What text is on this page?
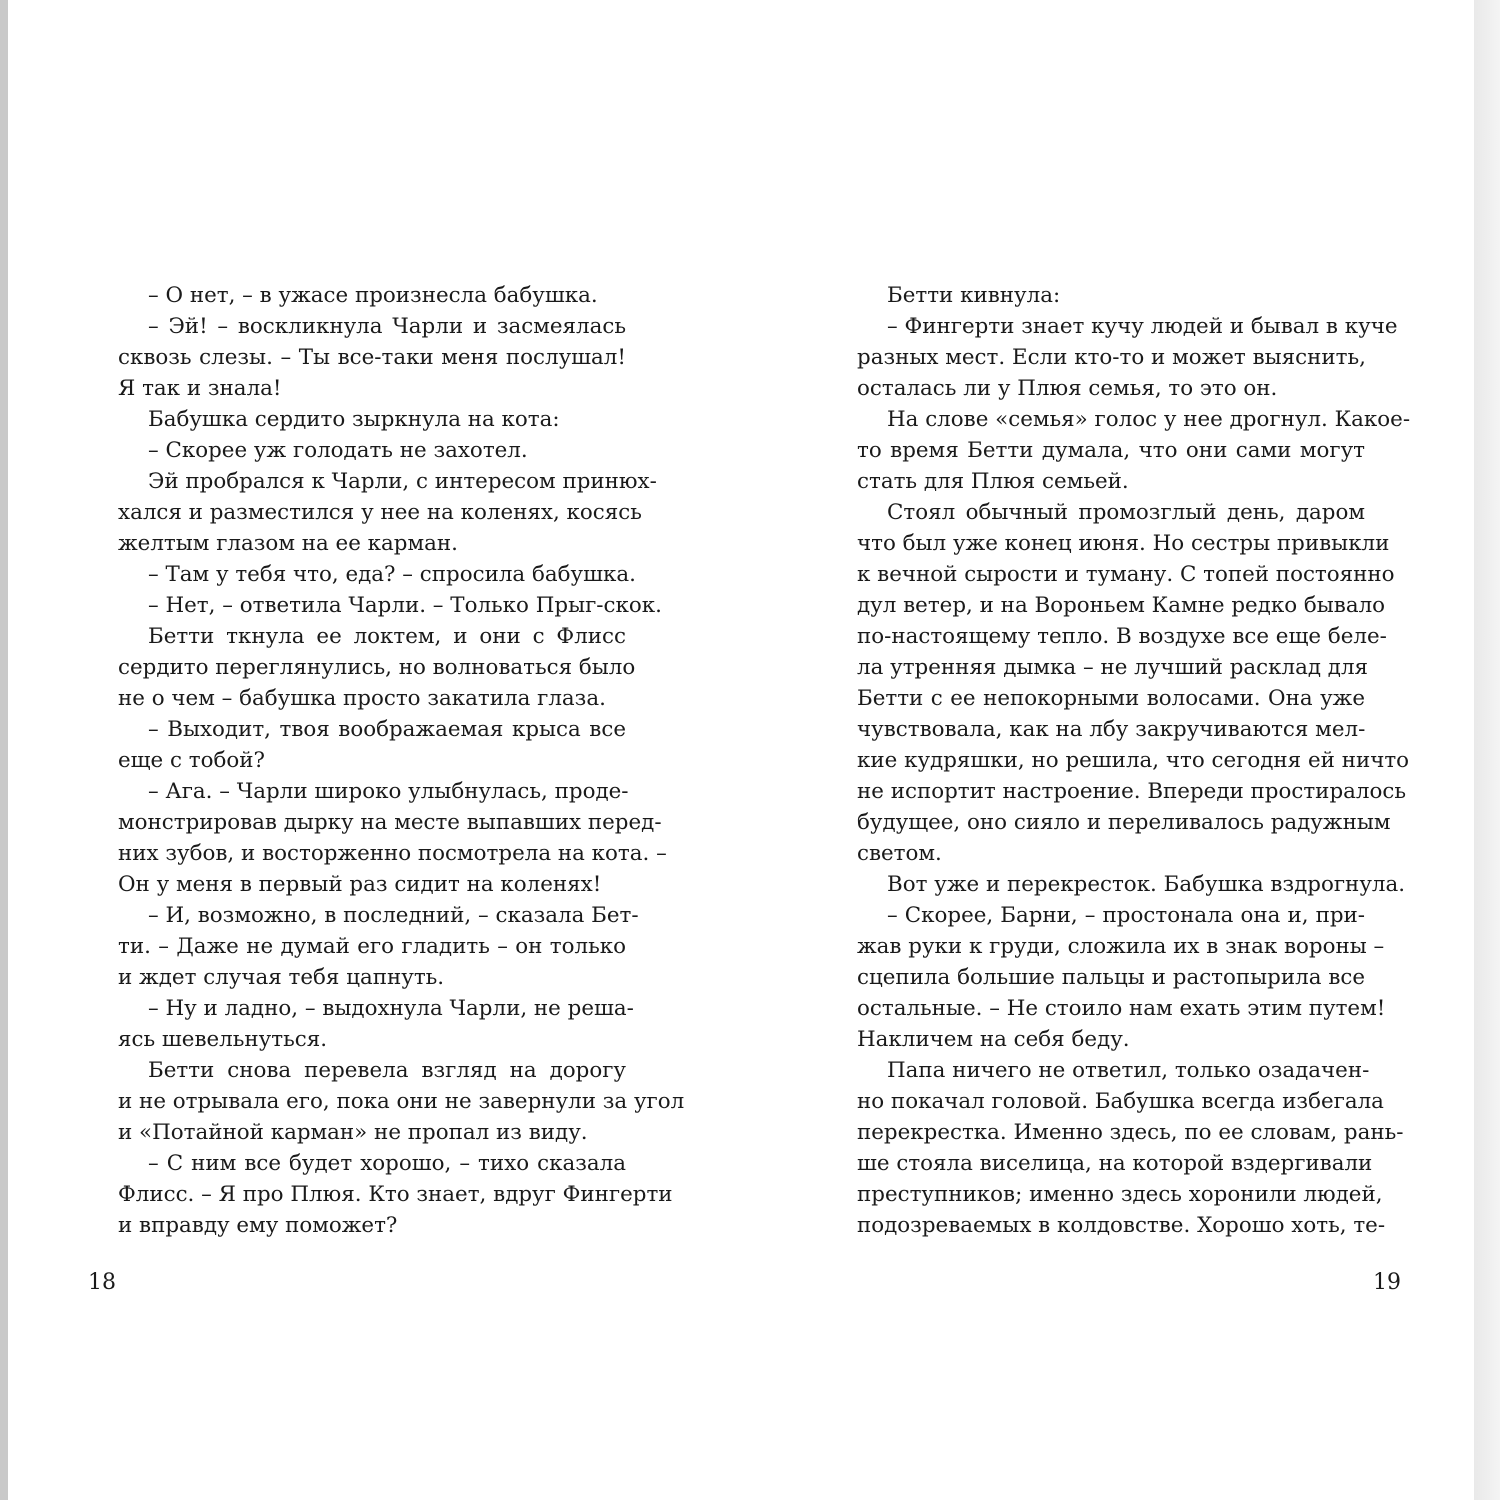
– О нет, – в ужасе произнесла бабушка.
– Эй! – воскликнула Чарли и засмеялась
сквозь слезы. – Ты все-таки меня послушал!
Я так и знала!
Бабушка сердито зыркнула на кота:
– Скорее уж голодать не захотел.
Эй пробрался к Чарли, с интересом принюх-
хался и разместился у нее на коленях, косясь
желтым глазом на ее карман.
– Там у тебя что, еда? – спросила бабушка.
– Нет, – ответила Чарли. – Только Прыг-скок.
Бетти ткнула ее локтем, и они с Флисс
сердито переглянулись, но волноваться было
не о чем – бабушка просто закатила глаза.
– Выходит, твоя воображаемая крыса все
еще с тобой?
– Ага. – Чарли широко улыбнулась, проде-
монстрировав дырку на месте выпавших перед-
них зубов, и восторженно посмотрела на кота. –
Он у меня в первый раз сидит на коленях!
– И, возможно, в последний, – сказала Бет-
ти. – Даже не думай его гладить – он только
и ждет случая тебя цапнуть.
– Ну и ладно, – выдохнула Чарли, не реша-
ясь шевельнуться.
Бетти снова перевела взгляд на дорогу
и не отрывала его, пока они не завернули за угол
и «Потайной карман» не пропал из виду.
– С ним все будет хорошо, – тихо сказала
Флисс. – Я про Плюя. Кто знает, вдруг Фингерти
и вправду ему поможет?
Бетти кивнула:
– Фингерти знает кучу людей и бывал в куче
разных мест. Если кто-то и может выяснить,
осталась ли у Плюя семья, то это он.
На слове «семья» голос у нее дрогнул. Какое-
то время Бетти думала, что они сами могут
стать для Плюя семьей.
Стоял обычный промозглый день, даром
что был уже конец июня. Но сестры привыкли
к вечной сырости и туману. С топей постоянно
дул ветер, и на Вороньем Камне редко бывало
по-настоящему тепло. В воздухе все еще беле-
ла утренняя дымка – не лучший расклад для
Бетти с ее непокорными волосами. Она уже
чувствовала, как на лбу закручиваются мел-
кие кудряшки, но решила, что сегодня ей ничто
не испортит настроение. Впереди простиралось
будущее, оно сияло и переливалось радужным
светом.
Вот уже и перекресток. Бабушка вздрогнула.
– Скорее, Барни, – простонала она и, при-
жав руки к груди, сложила их в знак вороны –
сцепила большие пальцы и растопырила все
остальные. – Не стоило нам ехать этим путем!
Накличем на себя беду.
Папа ничего не ответил, только озадачен-
но покачал головой. Бабушка всегда избегала
перекрестка. Именно здесь, по ее словам, рань-
ше стояла виселица, на которой вздергивали
преступников; именно здесь хоронили людей,
подозреваемых в колдовстве. Хорошо хоть, те-
18	19
